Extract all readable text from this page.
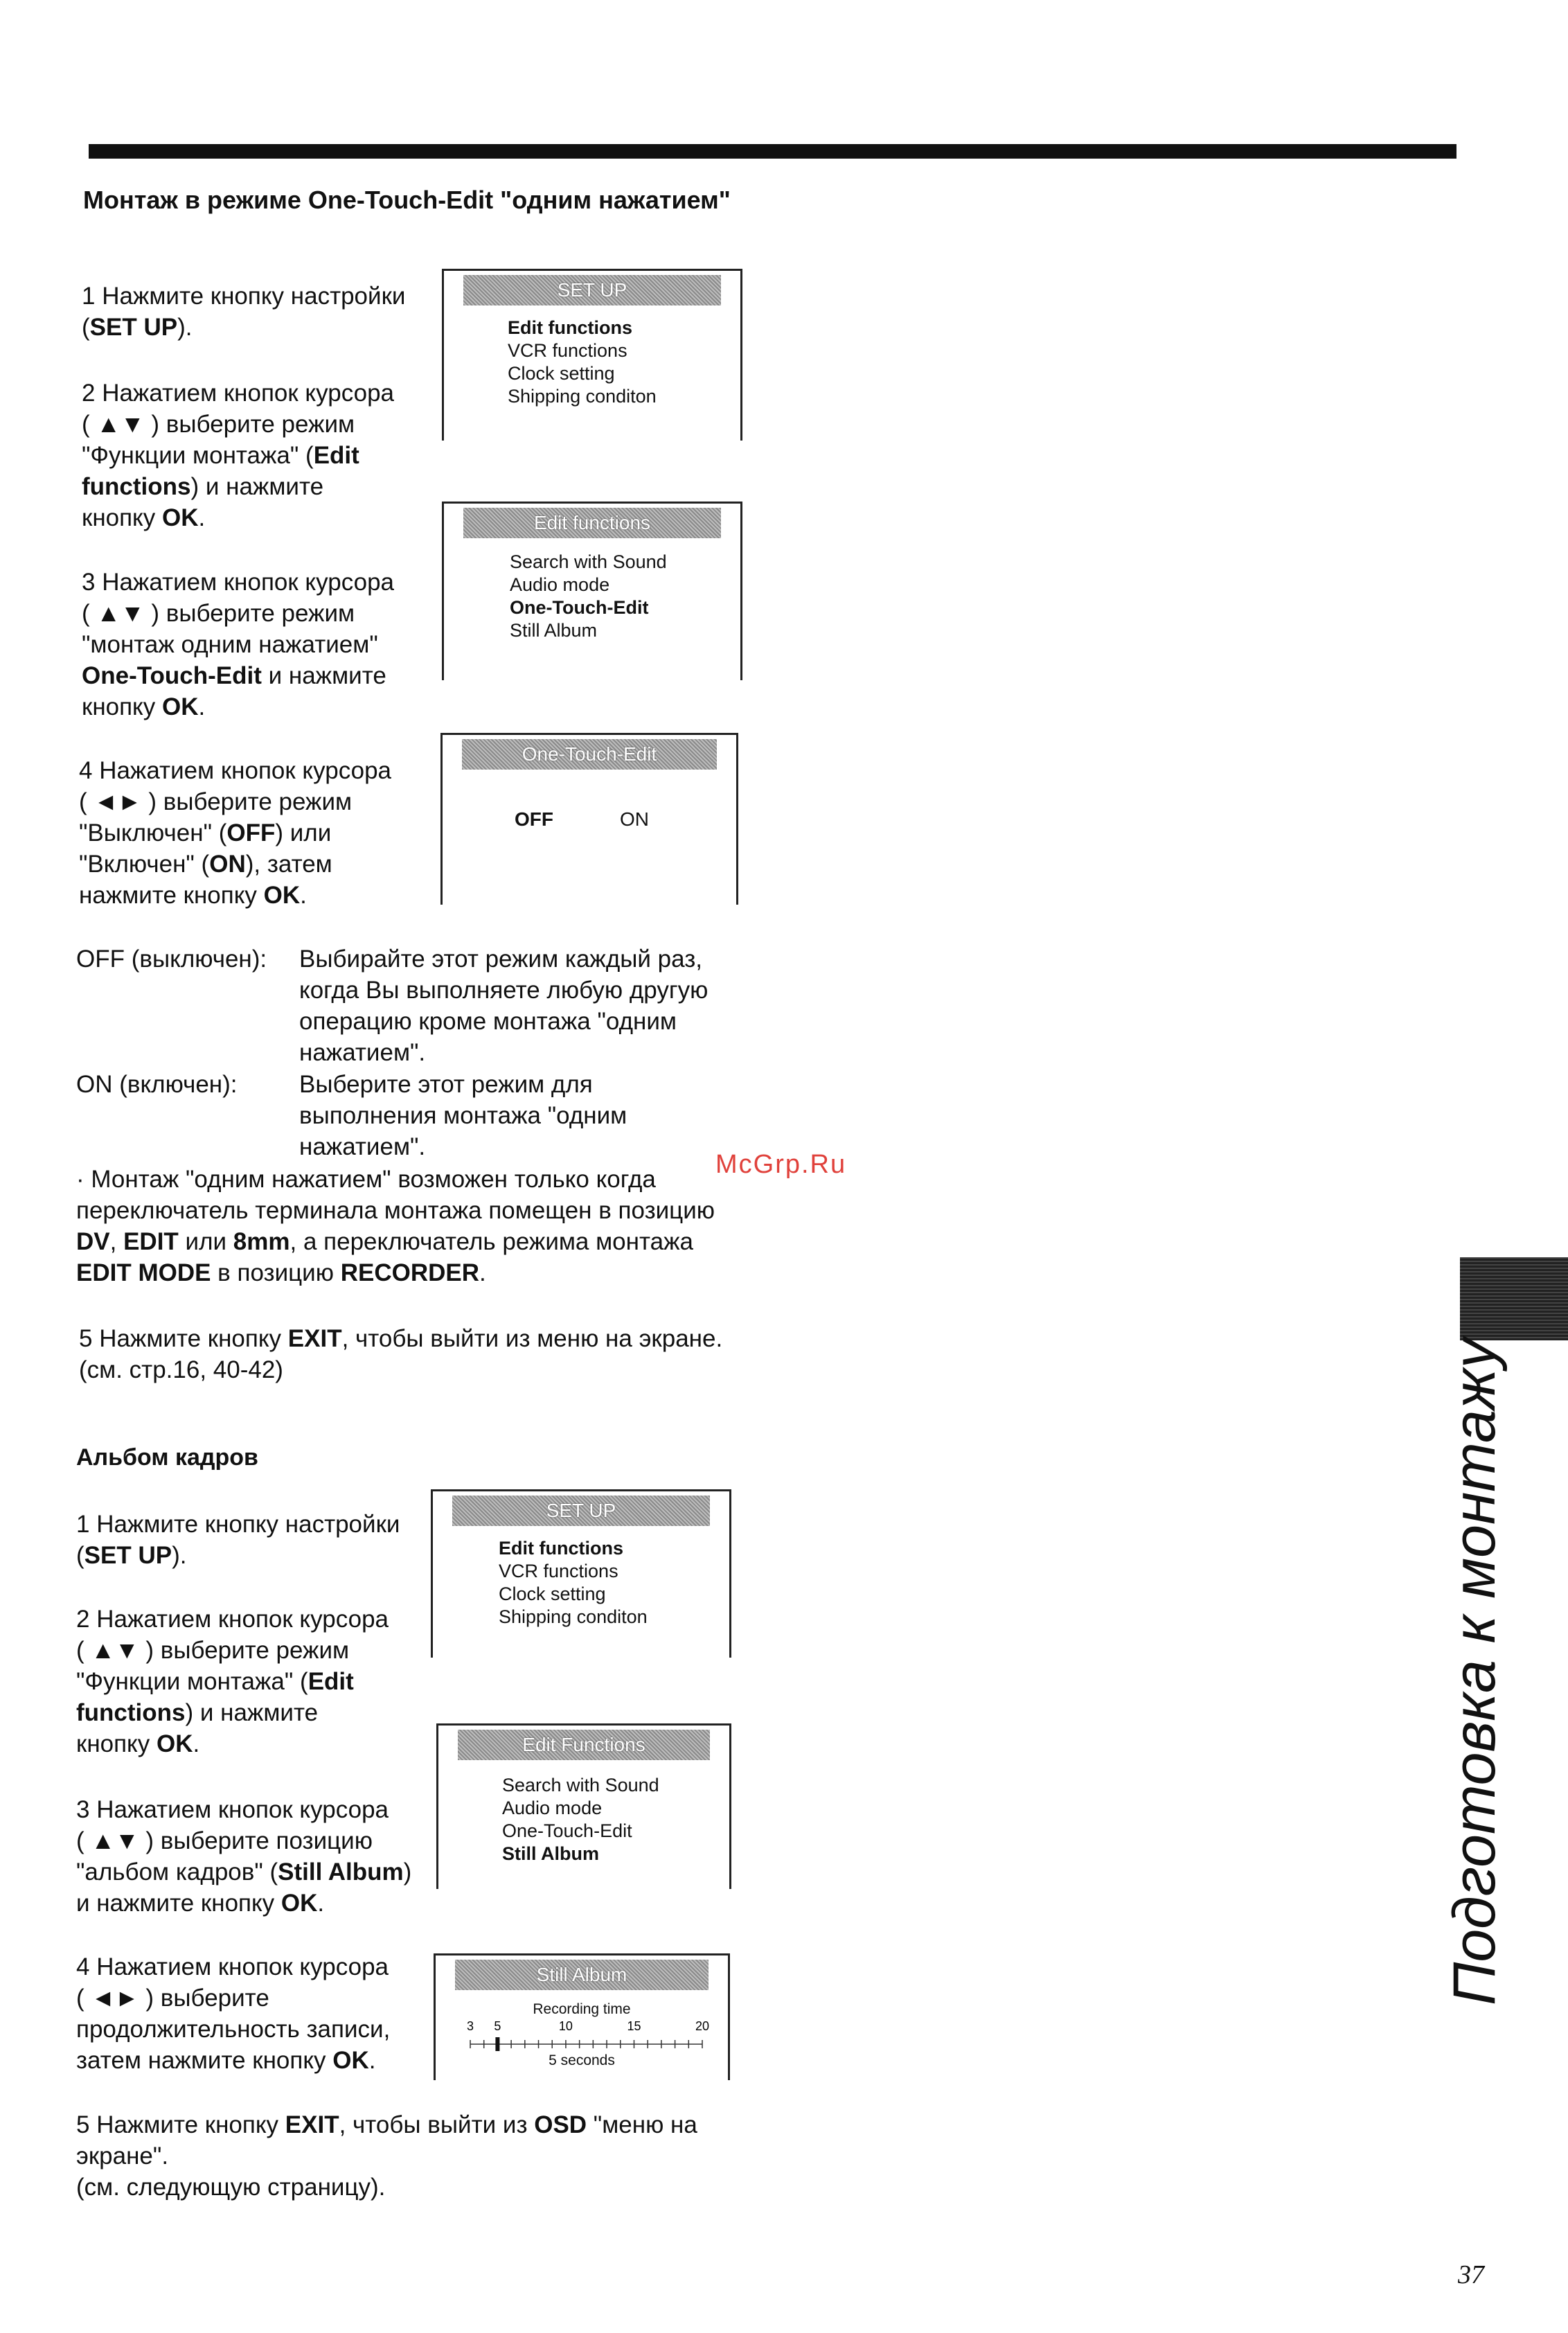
Монтаж в режиме One-Touch-Edit "одним нажатием"
1 Нажмите кнопку настройки
(SET UP).
2 Нажатием кнопок курсора
( ▲▼ ) выберите режим
"Функции монтажа" (Edit
functions) и нажмите
кнопку OK.
3 Нажатием кнопок курсора
( ▲▼ ) выберите режим
"монтаж одним нажатием"
One-Touch-Edit и нажмите
кнопку OK.
4 Нажатием кнопок курсора
( ◄► ) выберите режим
"Выключен" (OFF) или
"Включен" (ON), затем
нажмите кнопку OK.
SET UP
Edit functions
VCR functions
Clock setting
Shipping conditon
Edit functions
Search with Sound
Audio mode
One-Touch-Edit
Still Album
One-Touch-Edit
OFF	ON
OFF (выключен): Выбирайте этот режим каждый раз,
когда Вы выполняете любую другую
операцию кроме монтажа "одним
нажатием".
ON (включен):	Выберите этот режим для
выполнения монтажа "одним
нажатием".
· Монтаж "одним нажатием" возможен только когда
переключатель терминала монтажа помещен в позицию
DV, EDIT или 8mm, а переключатель режима монтажа
EDIT MODE в позицию RECORDER.
McGrp.Ru
5 Нажмите кнопку EXIT, чтобы выйти из меню на экране.
(см. стр.16, 40-42)
Альбом кадров
1 Нажмите кнопку настройки
(SET UP).
2 Нажатием кнопок курсора
( ▲▼ ) выберите режим
"Функции монтажа" (Edit
functions) и нажмите
кнопку OK.
3 Нажатием кнопок курсора
( ▲▼ ) выберите позицию
"альбом кадров" (Still Album)
и нажмите кнопку OK.
4 Нажатием кнопок курсора
( ◄► ) выберите
продолжительность записи,
затем нажмите кнопку OK.
SET UP
Edit functions
VCR functions
Clock setting
Shipping conditon
Edit Functions
Search with Sound
Audio mode
One-Touch-Edit
Still Album
Still Album
Recording time
3 5	10	15	20
5 seconds
Подготовка к монтажу
5 Нажмите кнопку EXIT, чтобы выйти из OSD "меню на
экране".
(см. следующую страницу).
37
